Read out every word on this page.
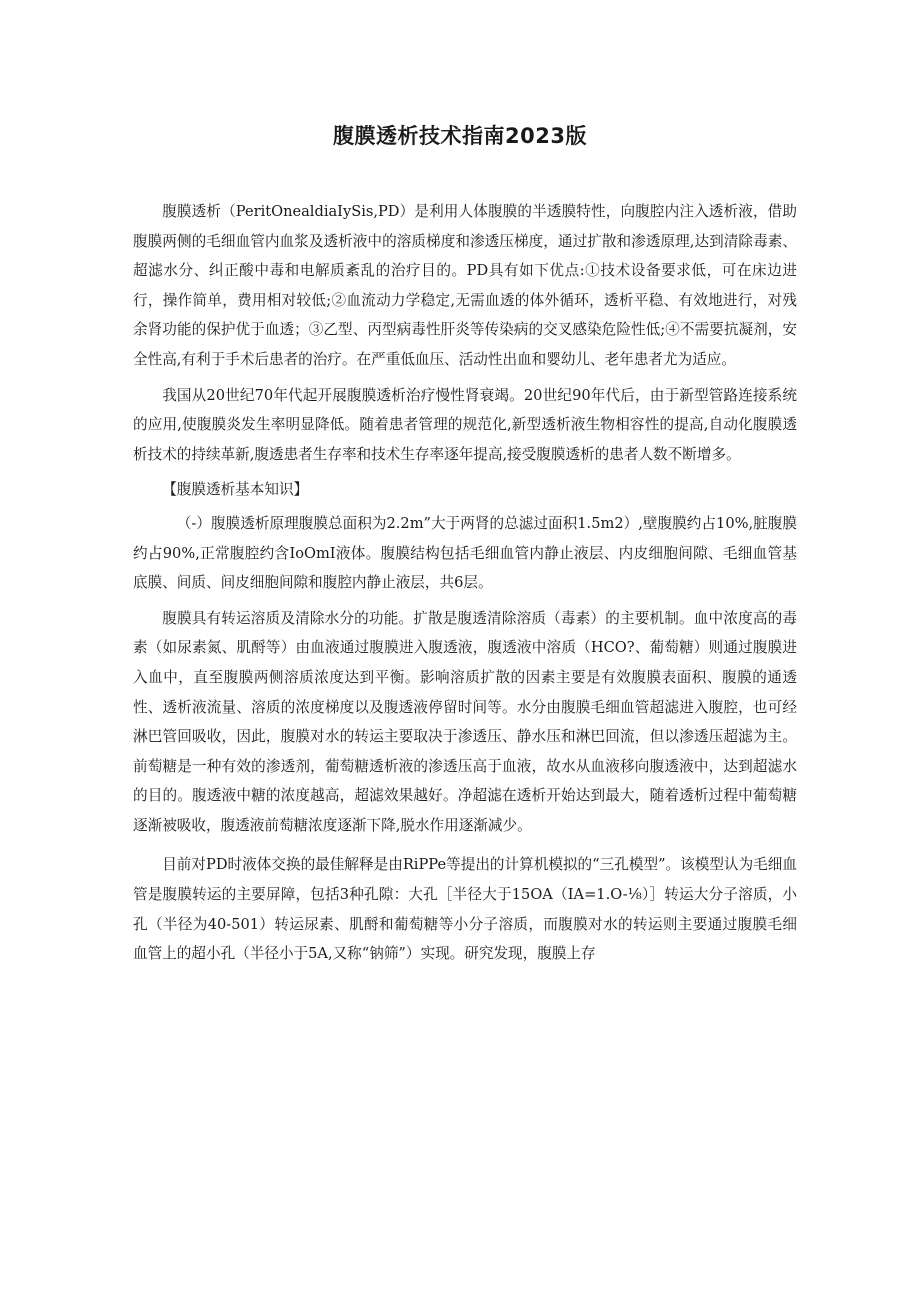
腹膜透析技术指南2023版

腹膜透析（PeritOnealdiaIySis,PD）是利用人体腹膜的半透膜特性，向腹腔内注入透析液，借助腹膜两侧的毛细血管内血浆及透析液中的溶质梯度和渗透压梯度，通过扩散和渗透原理,达到清除毒素、超滤水分、纠正酸中毒和电解质紊乱的治疗目的。PD具有如下优点:①技术设备要求低，可在床边进行，操作简单，费用相对较低;②血流动力学稳定,无需血透的体外循环，透析平稳、有效地进行，对残余肾功能的保护优于血透；③乙型、丙型病毒性肝炎等传染病的交叉感染危险性低;④不需要抗凝剂，安全性高,有利于手术后患者的治疗。在严重低血压、活动性出血和婴幼儿、老年患者尤为适应。

我国从20世纪70年代起开展腹膜透析治疗慢性肾衰竭。20世纪90年代后，由于新型管路连接系统的应用,使腹膜炎发生率明显降低。随着患者管理的规范化,新型透析液生物相容性的提高,自动化腹膜透析技术的持续革新,腹透患者生存率和技术生存率逐年提高,接受腹膜透析的患者人数不断增多。

【腹膜透析基本知识】

（-）腹膜透析原理腹膜总面积为2.2m”大于两肾的总滤过面积1.5m2）,壁腹膜约占10%,脏腹膜约占90%,正常腹腔约含IoOmI液体。腹膜结构包括毛细血管内静止液层、内皮细胞间隙、毛细血管基底膜、间质、间皮细胞间隙和腹腔内静止液层，共6层。

腹膜具有转运溶质及清除水分的功能。扩散是腹透清除溶质（毒素）的主要机制。血中浓度高的毒素（如尿素氮、肌酹等）由血液通过腹膜进入腹透液，腹透液中溶质（HCO?、葡萄糖）则通过腹膜进入血中，直至腹膜两侧溶质浓度达到平衡。影响溶质扩散的因素主要是有效腹膜表面积、腹膜的通透性、透析液流量、溶质的浓度梯度以及腹透液停留时间等。水分由腹膜毛细血管超滤进入腹腔，也可经淋巴管回吸收，因此，腹膜对水的转运主要取决于渗透压、静水压和淋巴回流，但以渗透压超滤为主。前萄糖是一种有效的渗透剂，葡萄糖透析液的渗透压高于血液，故水从血液移向腹透液中，达到超滤水的目的。腹透液中糖的浓度越高，超滤效果越好。净超滤在透析开始达到最大，随着透析过程中葡萄糖逐渐被吸收，腹透液前萄糖浓度逐渐下降,脱水作用逐渐减少。

目前对PD时液体交换的最佳解释是由RiPPe等提出的计算机模拟的“三孔模型”。该模型认为毛细血管是腹膜转运的主要屏障，包括3种孔隙：大孔［半径大于15OA（IA=1.O-⅛）］转运大分子溶质，小孔（半径为40-501）转运尿素、肌酹和葡萄糖等小分子溶质，而腹膜对水的转运则主要通过腹膜毛细血管上的超小孔（半径小于5A,又称“钠筛”）实现。研究发现，腹膜上存
